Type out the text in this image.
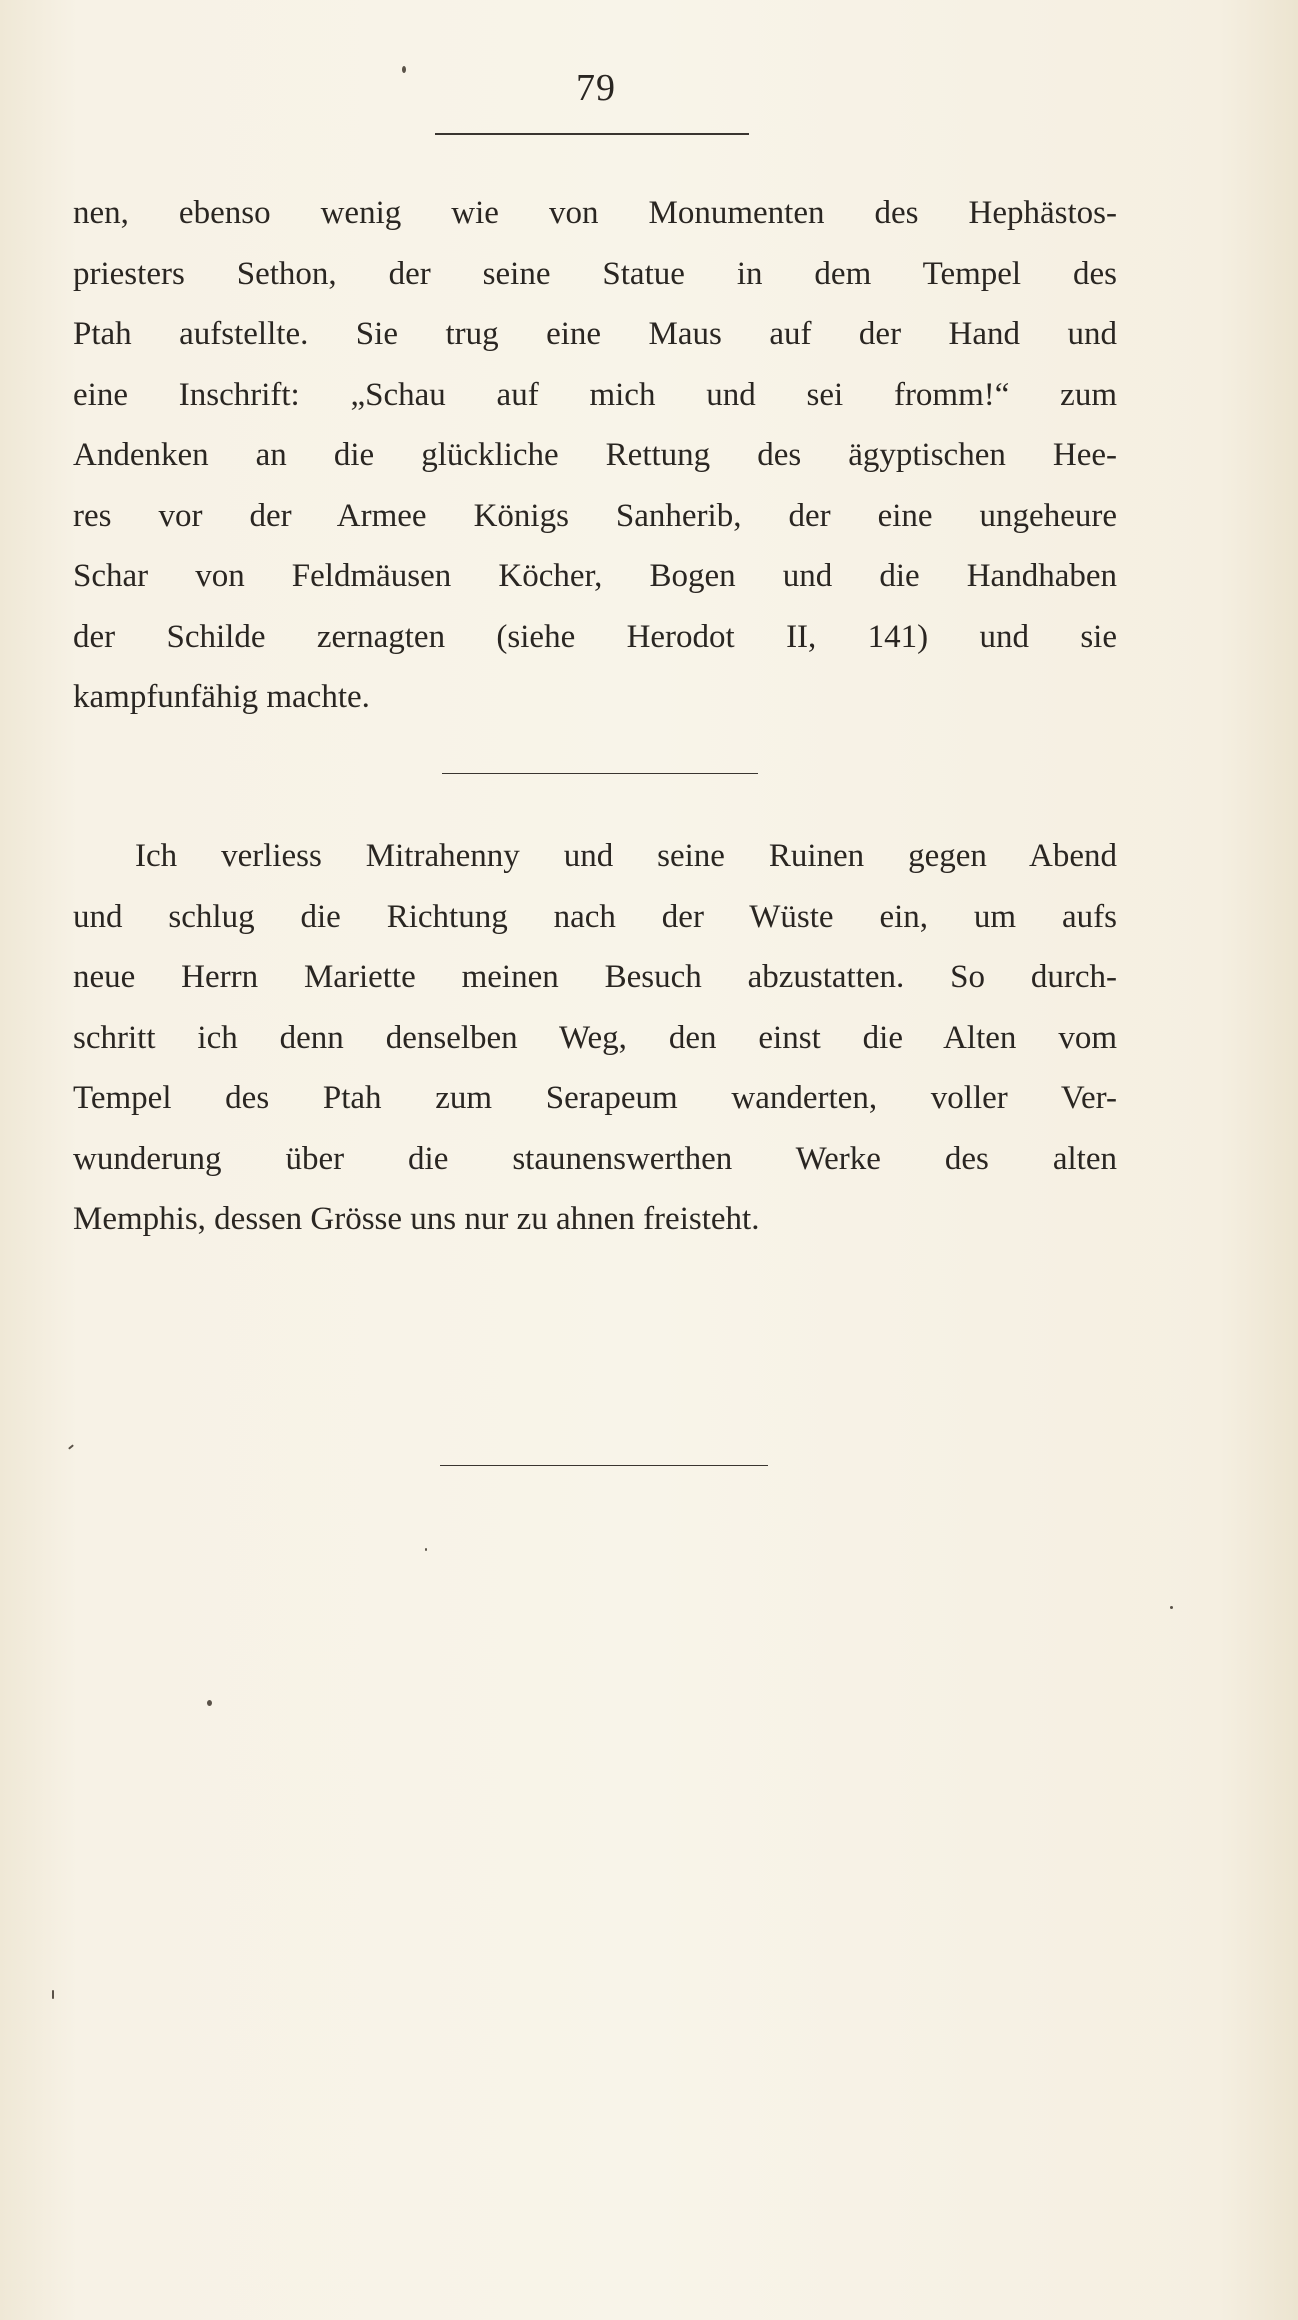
79
nen, ebenso wenig wie von Monumenten des Hephästos-
priesters Sethon, der seine Statue in dem Tempel des
Ptah aufstellte. Sie trug eine Maus auf der Hand und
eine Inschrift: „Schau auf mich und sei fromm!“ zum
Andenken an die glückliche Rettung des ägyptischen Hee-
res vor der Armee Königs Sanherib, der eine ungeheure
Schar von Feldmäusen Köcher, Bogen und die Handhaben
der Schilde zernagten (siehe Herodot II, 141) und sie
kampfunfähig machte.
Ich verliess Mitrahenny und seine Ruinen gegen Abend
und schlug die Richtung nach der Wüste ein, um aufs
neue Herrn Mariette meinen Besuch abzustatten. So durch-
schritt ich denn denselben Weg, den einst die Alten vom
Tempel des Ptah zum Serapeum wanderten, voller Ver-
wunderung über die staunenswerthen Werke des alten
Memphis, dessen Grösse uns nur zu ahnen freisteht.
